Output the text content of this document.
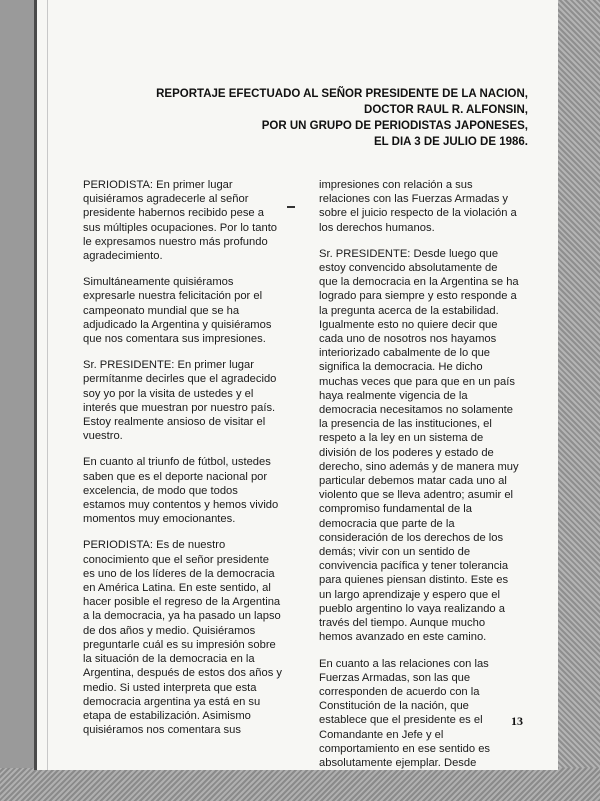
REPORTAJE EFECTUADO AL SEÑOR PRESIDENTE DE LA NACION,
DOCTOR RAUL R. ALFONSIN,
POR UN GRUPO DE PERIODISTAS JAPONESES,
EL DIA 3 DE JULIO DE 1986.

PERIODISTA: En primer lugar quisiéramos agradecerle al señor presidente habernos recibido pese a sus múltiples ocupaciones. Por lo tanto le expresamos nuestro más profundo agradecimiento.

Simultáneamente quisiéramos expresarle nuestra felicitación por el campeonato mundial que se ha adjudicado la Argentina y quisiéramos que nos comentara sus impresiones.

Sr. PRESIDENTE: En primer lugar permítanme decirles que el agradecido soy yo por la visita de ustedes y el interés que muestran por nuestro país. Estoy realmente ansioso de visitar el vuestro.

En cuanto al triunfo de fútbol, ustedes saben que es el deporte nacional por excelencia, de modo que todos estamos muy contentos y hemos vivido momentos muy emocionantes.

PERIODISTA: Es de nuestro conocimiento que el señor presidente es uno de los líderes de la democracia en América Latina. En este sentido, al hacer posible el regreso de la Argentina a la democracia, ya ha pasado un lapso de dos años y medio. Quisiéramos preguntarle cuál es su impresión sobre la situación de la democracia en la Argentina, después de estos dos años y medio. Si usted interpreta que esta democracia argentina ya está en su etapa de estabilización. Asimismo quisiéramos nos comentara sus

impresiones con relación a sus relaciones con las Fuerzas Armadas y sobre el juicio respecto de la violación a los derechos humanos.

Sr. PRESIDENTE: Desde luego que estoy convencido absolutamente de que la democracia en la Argentina se ha logrado para siempre y esto responde a la pregunta acerca de la estabilidad. Igualmente esto no quiere decir que cada uno de nosotros nos hayamos interiorizado cabalmente de lo que significa la democracia. He dicho muchas veces que para que en un país haya realmente vigencia de la democracia necesitamos no solamente la presencia de las instituciones, el respeto a la ley en un sistema de división de los poderes y estado de derecho, sino además y de manera muy particular debemos matar cada uno al violento que se lleva adentro; asumir el compromiso fundamental de la democracia que parte de la consideración de los derechos de los demás; vivir con un sentido de convivencia pacífica y tener tolerancia para quienes piensan distinto. Este es un largo aprendizaje y espero que el pueblo argentino lo vaya realizando a través del tiempo. Aunque mucho hemos avanzado en este camino.

En cuanto a las relaciones con las Fuerzas Armadas, son las que corresponden de acuerdo con la Constitución de la nación, que establece que el presidente es el Comandante en Jefe y el comportamiento en ese sentido es absolutamente ejemplar. Desde

13
